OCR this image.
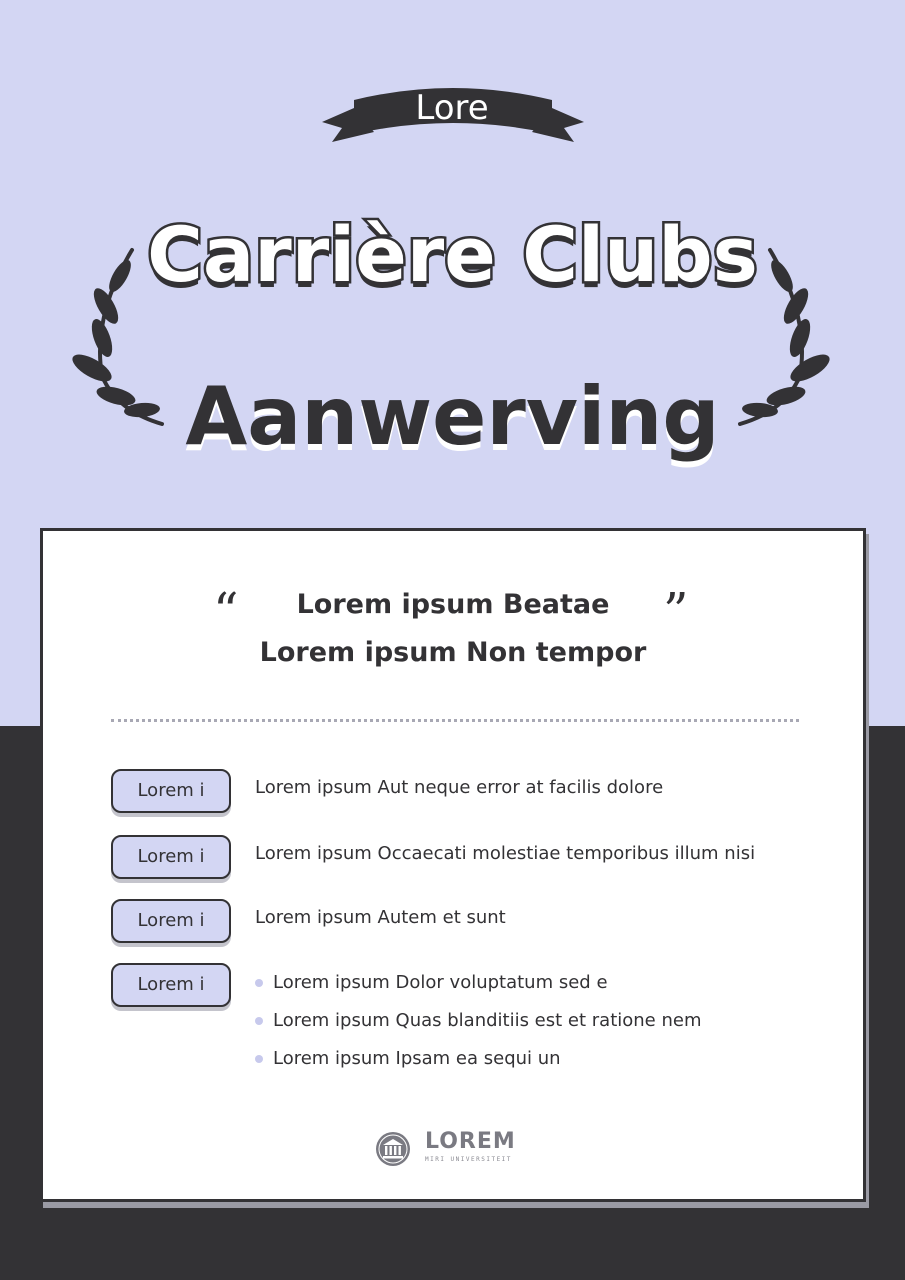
Lore
Carrière Clubs
Aanwerving
“	”
Lorem ipsum Beatae
Lorem ipsum Non tempor
Lorem i	Lorem ipsum Aut neque error at facilis dolore
Lorem i	Lorem ipsum Occaecati molestiae temporibus illum nisi
Lorem i	Lorem ipsum Autem et sunt
Lorem i	Lorem ipsum Dolor voluptatum sed e
Lorem ipsum Quas blanditiis est et ratione nem
Lorem ipsum Ipsam ea sequi un
LOREM
MIRI UNIVERSITEIT
